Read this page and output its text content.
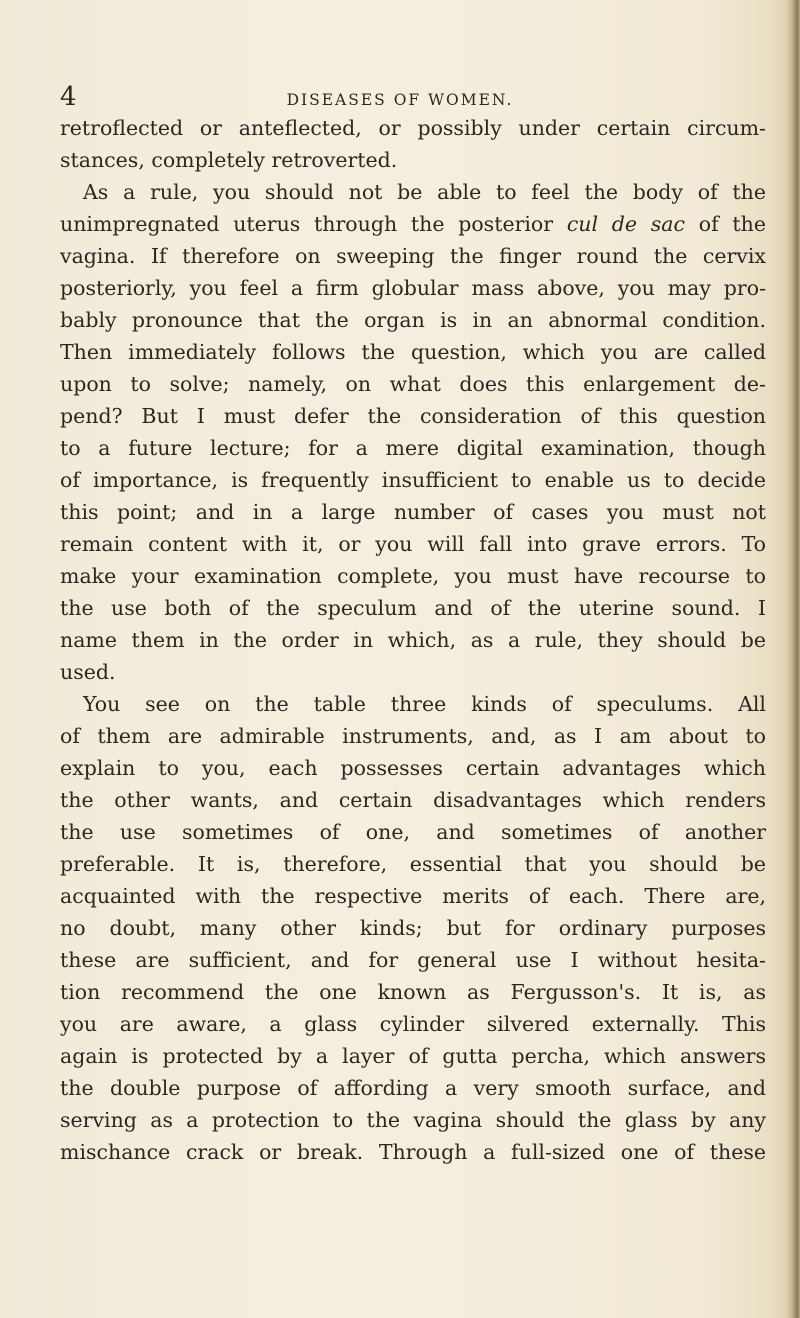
4	DISEASES OF WOMEN.
retroflected or anteflected, or possibly under certain circum-
stances, completely retroverted.
As a rule, you should not be able to feel the body of the
unimpregnated uterus through the posterior cul de sac of the
vagina. If therefore on sweeping the finger round the cervix
posteriorly, you feel a firm globular mass above, you may pro-
bably pronounce that the organ is in an abnormal condition.
Then immediately follows the question, which you are called
upon to solve; namely, on what does this enlargement de-
pend? But I must defer the consideration of this question
to a future lecture; for a mere digital examination, though
of importance, is frequently insufficient to enable us to decide
this point; and in a large number of cases you must not
remain content with it, or you will fall into grave errors. To
make your examination complete, you must have recourse to
the use both of the speculum and of the uterine sound. I
name them in the order in which, as a rule, they should be
used.
You see on the table three kinds of speculums. All
of them are admirable instruments, and, as I am about to
explain to you, each possesses certain advantages which
the other wants, and certain disadvantages which renders
the use sometimes of one, and sometimes of another
preferable. It is, therefore, essential that you should be
acquainted with the respective merits of each. There are,
no doubt, many other kinds; but for ordinary purposes
these are sufficient, and for general use I without hesita-
tion recommend the one known as Fergusson's. It is, as
you are aware, a glass cylinder silvered externally. This
again is protected by a layer of gutta percha, which answers
the double purpose of affording a very smooth surface, and
serving as a protection to the vagina should the glass by any
mischance crack or break. Through a full-sized one of these
